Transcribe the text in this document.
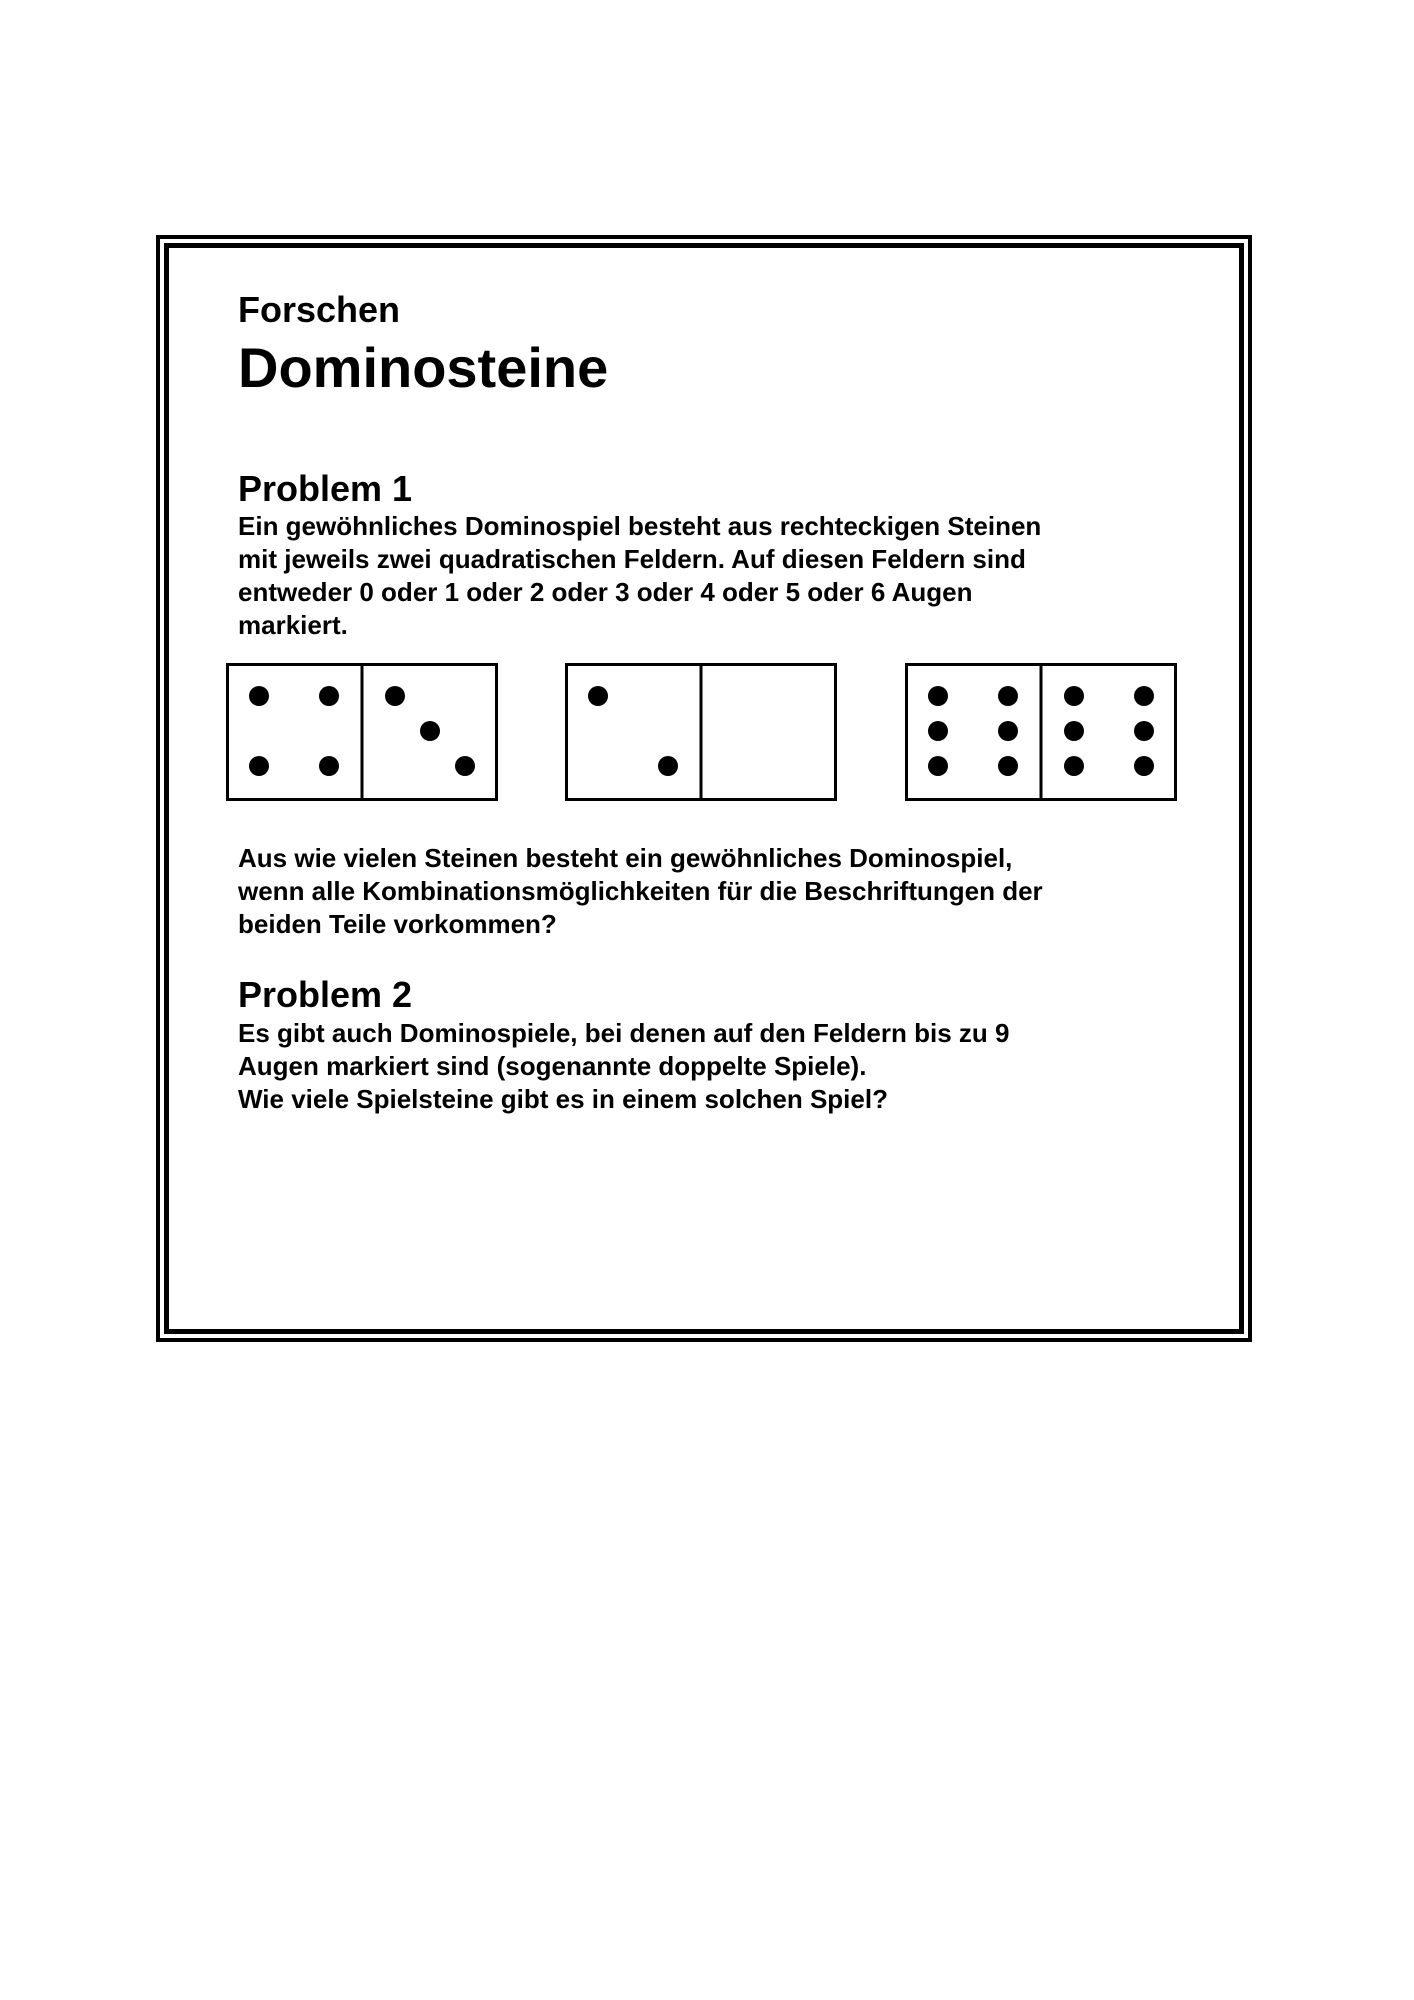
Forschen
Dominosteine
Problem 1

Ein gewöhnliches Dominospiel besteht aus rechteckigen Steinen
mit jeweils zwei quadratischen Feldern. Auf diesen Feldern sind
entweder 0 oder 1 oder 2 oder 3 oder 4 oder 5 oder 6 Augen
markiert.

Aus wie vielen Steinen besteht ein gewöhnliches Dominospiel,
wenn alle Kombinationsmöglichkeiten für die Beschriftungen der
beiden Teile vorkommen?

Problem 2

Es gibt auch Dominospiele, bei denen auf den Feldern bis zu 9
Augen markiert sind (sogenannte doppelte Spiele).
Wie viele Spielsteine gibt es in einem solchen Spiel?
